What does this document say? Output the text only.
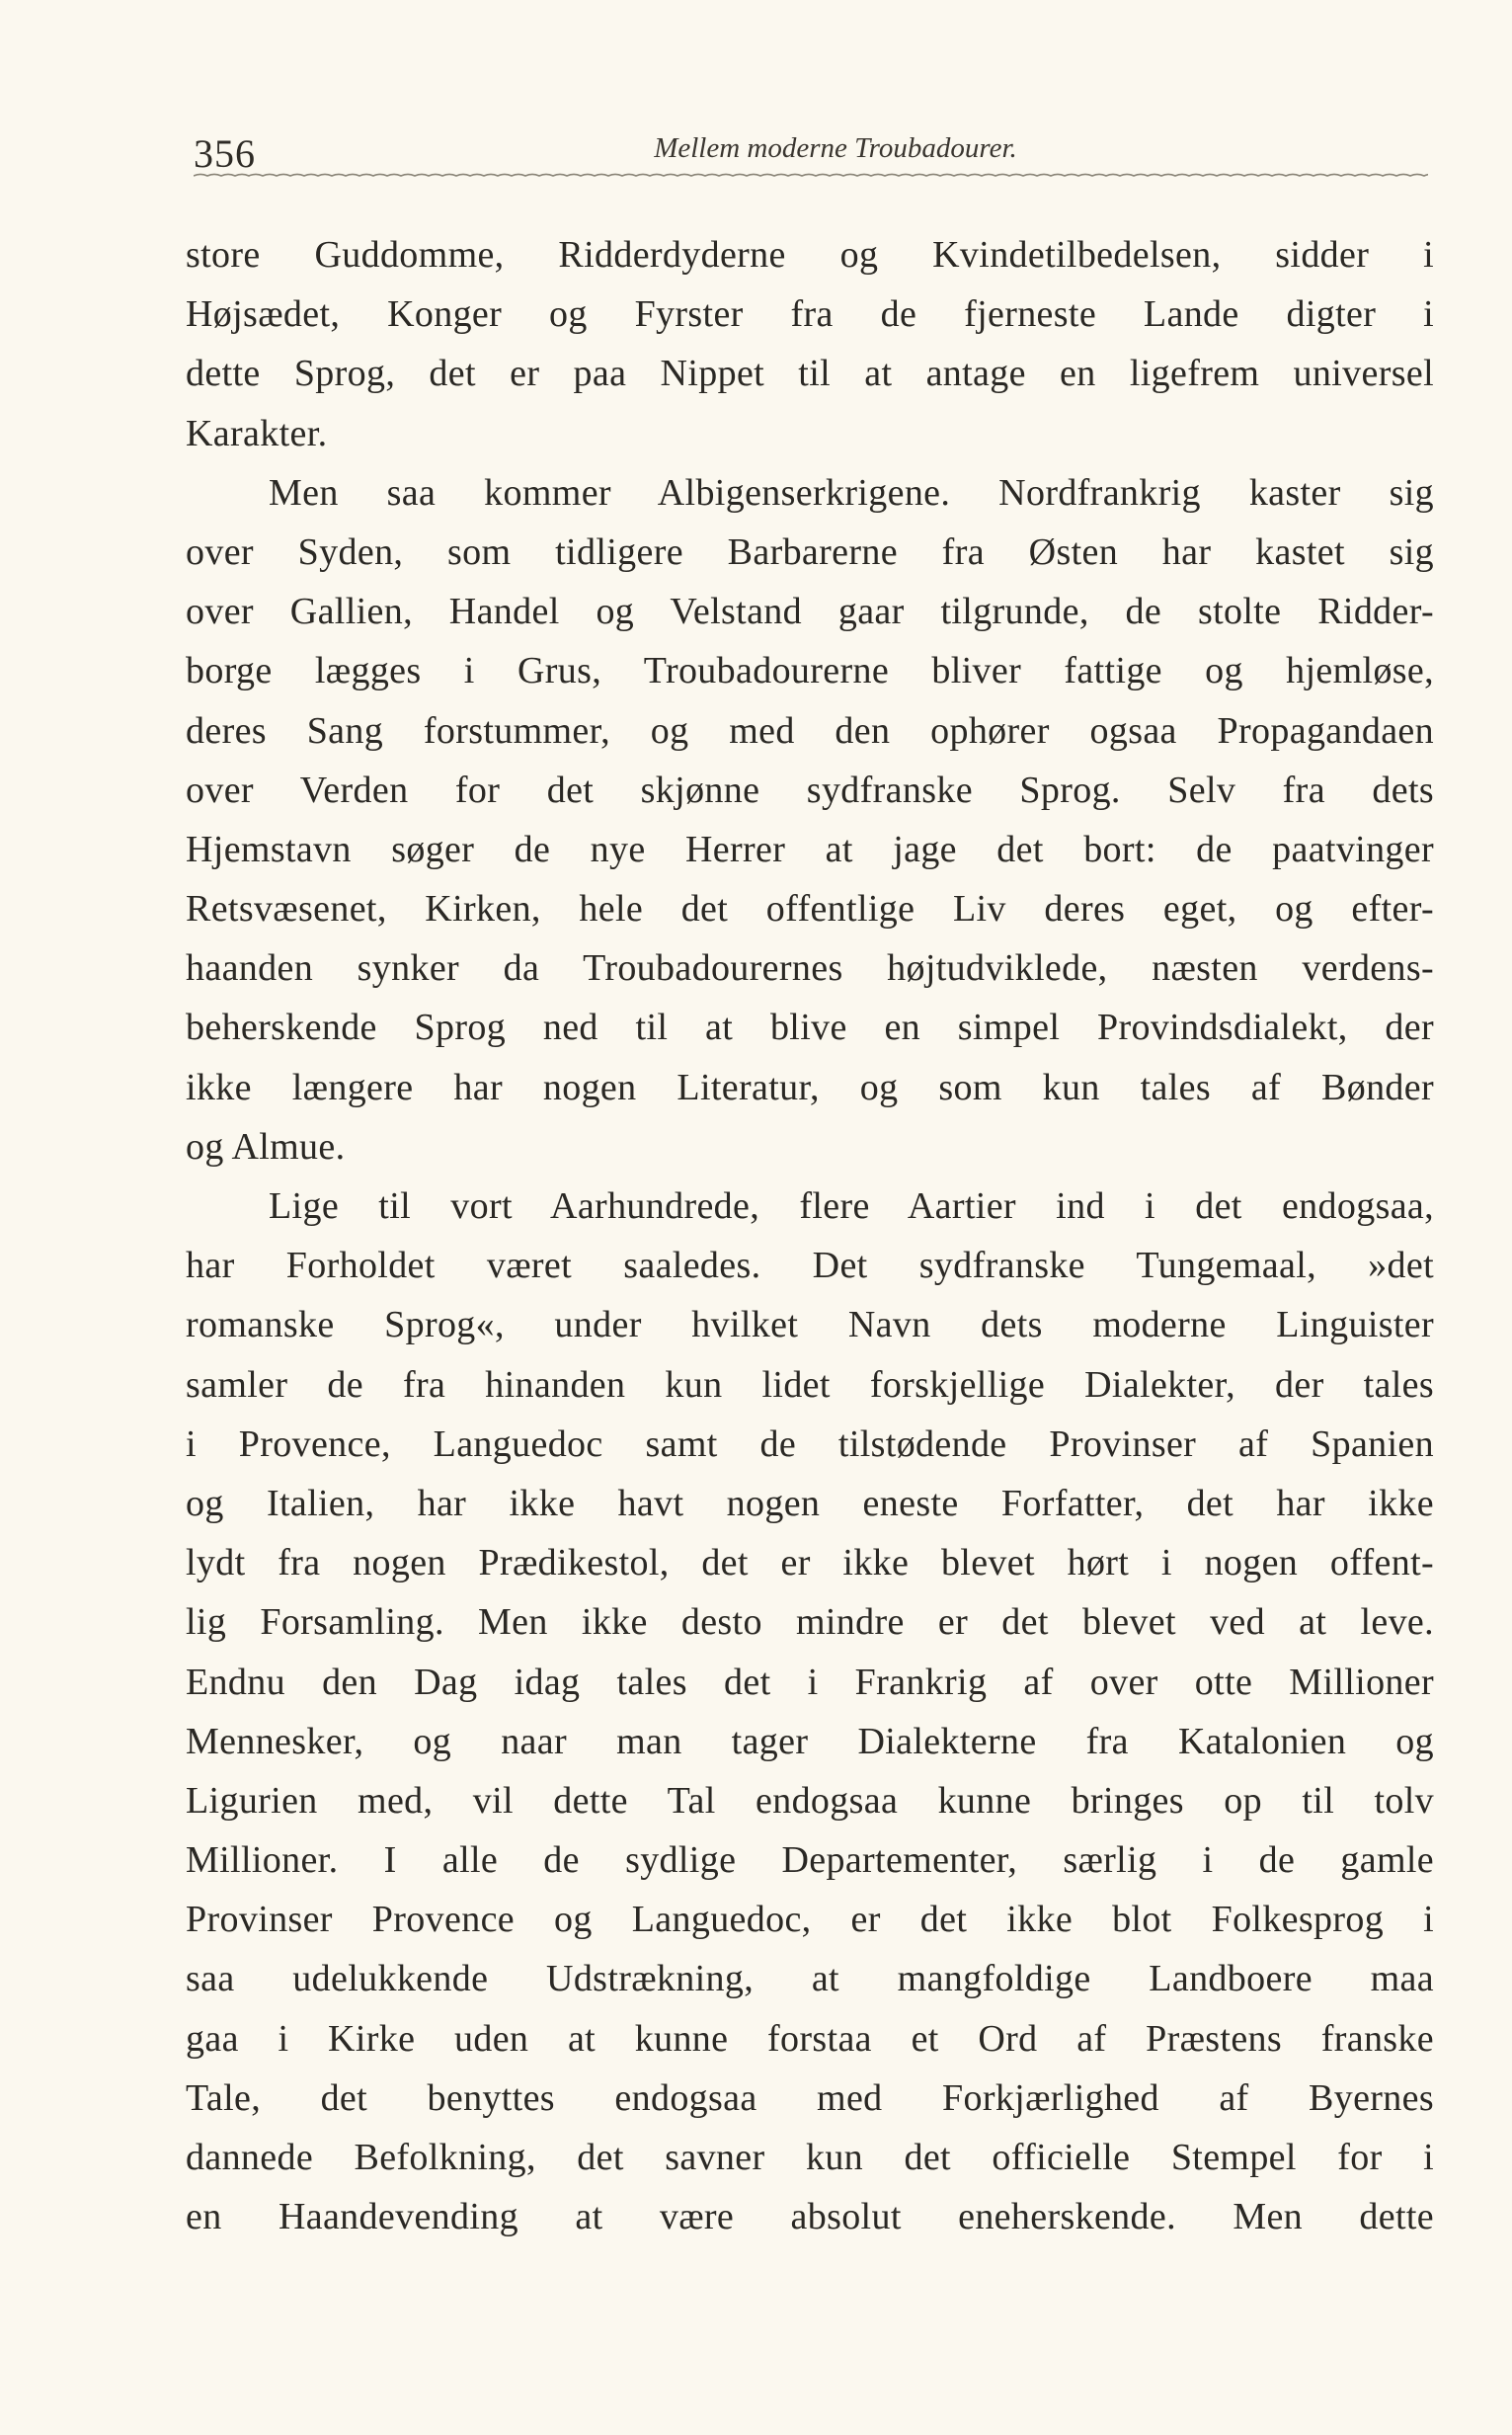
356	Mellem moderne Troubadourer.
store Guddomme, Ridderdyderne og Kvindetilbedelsen, sidder i
Højsædet, Konger og Fyrster fra de fjerneste Lande digter i
dette Sprog, det er paa Nippet til at antage en ligefrem universel
Karakter.
Men saa kommer Albigenserkrigene. Nordfrankrig kaster sig
over Syden, som tidligere Barbarerne fra Østen har kastet sig
over Gallien, Handel og Velstand gaar tilgrunde, de stolte Ridder-
borge lægges i Grus, Troubadourerne bliver fattige og hjemløse,
deres Sang forstummer, og med den ophører ogsaa Propagandaen
over Verden for det skjønne sydfranske Sprog. Selv fra dets
Hjemstavn søger de nye Herrer at jage det bort: de paatvinger
Retsvæsenet, Kirken, hele det offentlige Liv deres eget, og efter-
haanden synker da Troubadourernes højtudviklede, næsten verdens-
beherskende Sprog ned til at blive en simpel Provindsdialekt, der
ikke længere har nogen Literatur, og som kun tales af Bønder
og Almue.
Lige til vort Aarhundrede, flere Aartier ind i det endogsaa,
har Forholdet været saaledes. Det sydfranske Tungemaal, »det
romanske Sprog«, under hvilket Navn dets moderne Linguister
samler de fra hinanden kun lidet forskjellige Dialekter, der tales
i Provence, Languedoc samt de tilstødende Provinser af Spanien
og Italien, har ikke havt nogen eneste Forfatter, det har ikke
lydt fra nogen Prædikestol, det er ikke blevet hørt i nogen offent-
lig Forsamling. Men ikke desto mindre er det blevet ved at leve.
Endnu den Dag idag tales det i Frankrig af over otte Millioner
Mennesker, og naar man tager Dialekterne fra Katalonien og
Ligurien med, vil dette Tal endogsaa kunne bringes op til tolv
Millioner. I alle de sydlige Departementer, særlig i de gamle
Provinser Provence og Languedoc, er det ikke blot Folkesprog i
saa udelukkende Udstrækning, at mangfoldige Landboere maa
gaa i Kirke uden at kunne forstaa et Ord af Præstens franske
Tale, det benyttes endogsaa med Forkjærlighed af Byernes
dannede Befolkning, det savner kun det officielle Stempel for i
en Haandevending at være absolut eneherskende. Men dette
